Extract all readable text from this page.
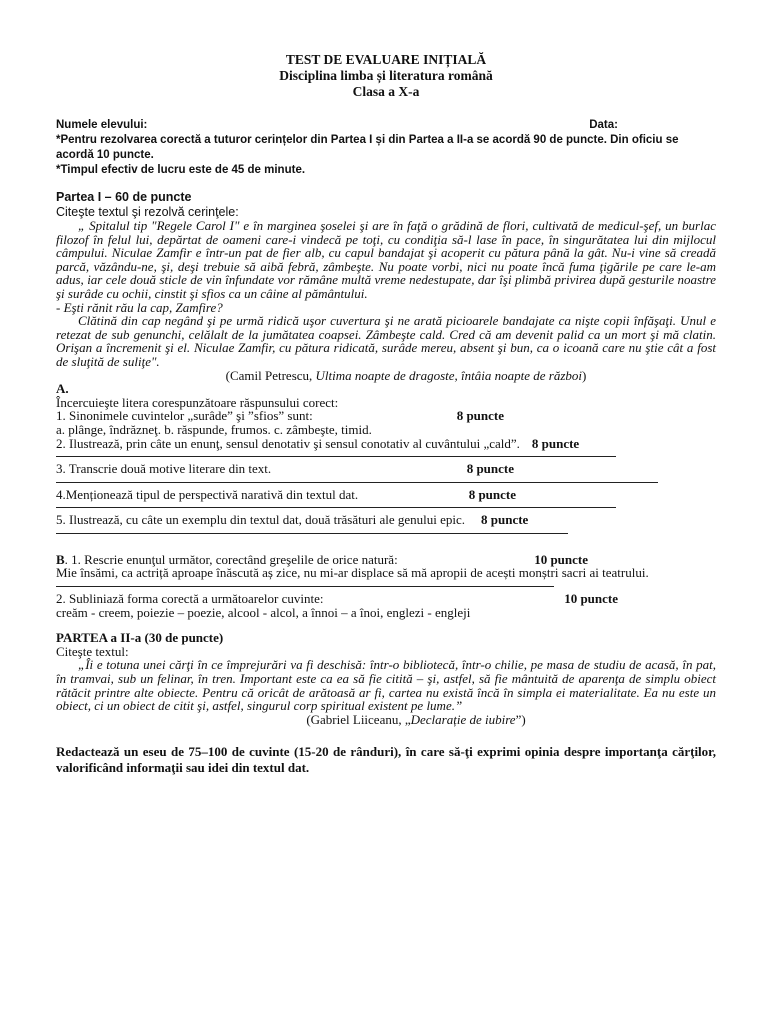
TEST DE EVALUARE INIȚIALĂ
Disciplina limba și literatura română
Clasa a X-a
Numele elevului:	Data:
*Pentru rezolvarea corectă a tuturor cerințelor din Partea I și din Partea a II-a se acordă 90 de puncte. Din oficiu se acordă 10 puncte.
*Timpul efectiv de lucru este de 45 de minute.
Partea I – 60 de puncte
Citeşte textul şi rezolvă cerinţele:
„ Spitalul tip "Regele Carol I" e în marginea şoselei şi are în faţă o grădină de flori, cultivată de medicul-şef, un burlac filozof în felul lui, depărtat de oameni care-i vindecă pe toţi, cu condiţia să-l lase în pace, în singurătatea lui din mijlocul câmpului. Niculae Zamfir e într-un pat de fier alb, cu capul bandajat şi acoperit cu pătura până la gât. Nu-i vine să creadă parcă, văzându-ne, şi, deşi trebuie să aibă febră, zâmbeşte. Nu poate vorbi, nici nu poate încă fuma ţigările pe care le-am adus, iar cele două sticle de vin înfundate vor rămâne multă vreme nedestupate, dar îşi plimbă privirea după gesturile noastre şi surâde cu ochii, cinstit şi sfios ca un câine al pământului.
- Eşti rănit rău la cap, Zamfire?
Clătină din cap negând şi pe urmă ridică uşor cuvertura şi ne arată picioarele bandajate ca nişte copii înfăşaţi. Unul e retezat de sub genunchi, celălalt de la jumătatea coapsei. Zâmbeşte cald. Cred că am devenit palid ca un mort şi mă clatin. Orişan a încremenit şi el. Niculae Zamfir, cu pătura ridicată, surâde mereu, absent şi bun, ca o icoană care nu ştie cât a fost de sluţită de suliţe".
(Camil Petrescu, Ultima noapte de dragoste, întâia noapte de război)
A.
Încercuieşte litera corespunzătoare răspunsului corect:
1. Sinonimele cuvintelor „surâde” şi ”sfios” sunt:	8 puncte
a. plânge, îndrăzneţ. b. răspunde, frumos. c. zâmbeşte, timid.
2. Ilustrează, prin câte un enunţ, sensul denotativ şi sensul conotativ al cuvântului „cald”. 8 puncte
3. Transcrie două motive literare din text.	8 puncte
4.Menționează tipul de perspectivă narativă din textul dat.	8 puncte
5. Ilustrează, cu câte un exemplu din textul dat, două trăsături ale genului epic. 8 puncte
B. 1. Rescrie enunţul următor, corectând greşelile de orice natură:	10 puncte
Mie însămi, ca actriță aproape înăscută aș zice, nu mi-ar displace să mă apropii de acești monștri sacri ai teatrului.
2. Subliniază forma corectă a următoarelor cuvinte:	10 puncte
creăm - creem, poiezie – poezie, alcool - alcol, a înnoi – a înoi, englezi - engleji
PARTEA a II-a (30 de puncte)
Citeşte textul:
„Îi e totuna unei cărţi în ce împrejurări va fi deschisă: într-o bibliotecă, într-o chilie, pe masa de studiu de acasă, în pat, în tramvai, sub un felinar, în tren. Important este ca ea să fie citită – şi, astfel, să fie mântuită de aparenţa de simplu obiect rătăcit printre alte obiecte. Pentru că oricât de arătoasă ar fi, cartea nu există încă în simpla ei materialitate. Ea nu este un obiect, ci un obiect de citit şi, astfel, singurul corp spiritual existent pe lume.”
(Gabriel Liiceanu, „Declarație de iubire”)
Redactează un eseu de 75–100 de cuvinte (15-20 de rânduri), în care să-ţi exprimi opinia despre importanţa cărţilor, valorificând informaţii sau idei din textul dat.
